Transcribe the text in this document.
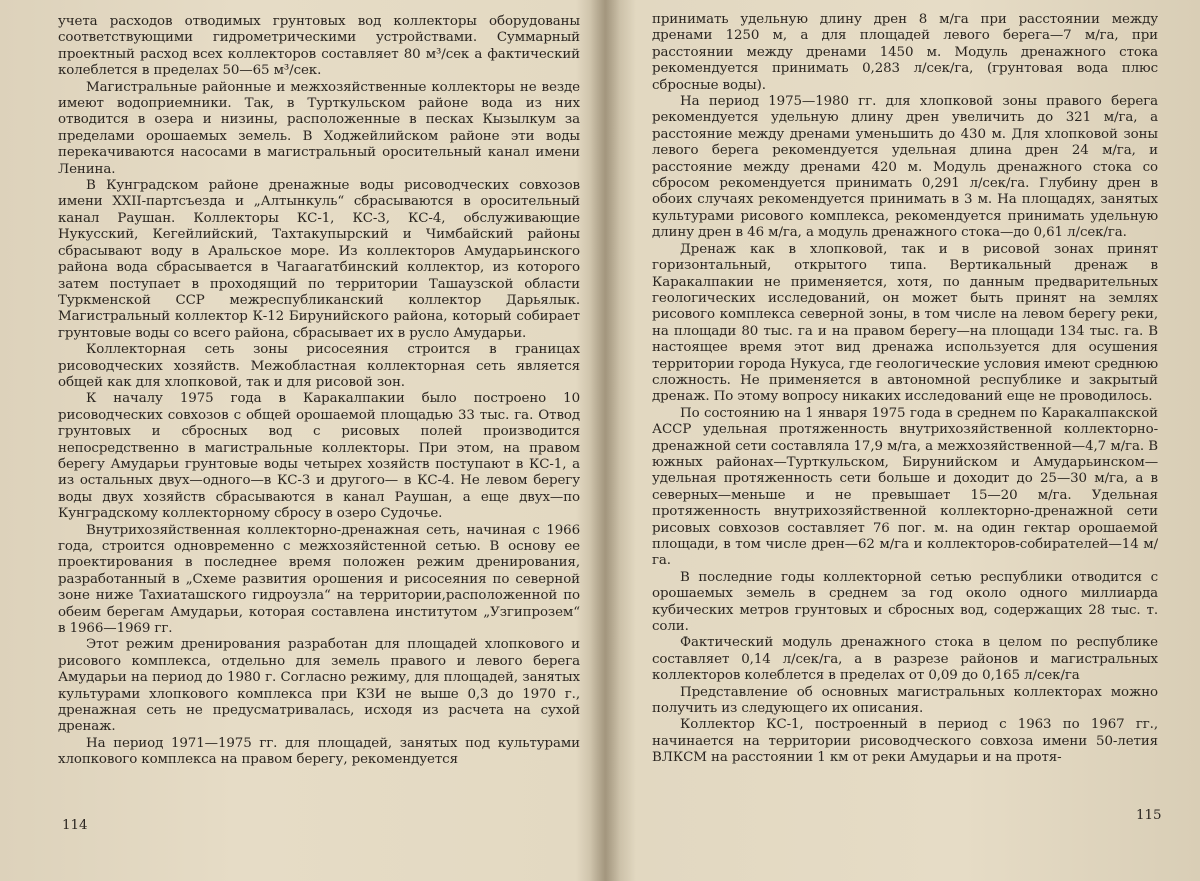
учета расходов отводимых грунтовых вод коллекторы оборудованы соответствующими гидрометрическими устройствами. Суммарный проектный расход всех коллекторов составляет 80 м³/сек а фактический колеблется в пределах 50—65 м³/сек.

Магистральные районные и межхозяйственные коллекторы не везде имеют водоприемники. Так, в Турткульском районе вода из них отводится в озера и низины, расположенные в песках Кызылкум за пределами орошаемых земель. В Ходжейлийском районе эти воды перекачиваются насосами в магистральный оросительный канал имени Ленина.

В Кунградском районе дренажные воды рисоводческих совхозов имени XXII-партсъезда и „Алтынкуль“ сбрасываются в оросительный канал Раушан. Коллекторы КС-1, КС-3, КС-4, обслуживающие Нукусский, Кегейлийский, Тахтакупырский и Чимбайский районы сбрасывают воду в Аральское море. Из коллекторов Амударьинского района вода сбрасывается в Чагаагатбинский коллектор, из которого затем поступает в проходящий по территории Ташаузской области Туркменской ССР межреспубликанский коллектор Дарьялык. Магистральный коллектор К-12 Бирунийского района, который собирает грунтовые воды со всего района, сбрасывает их в русло Амударьи.

Коллекторная сеть зоны рисосеяния строится в границах рисоводческих хозяйств. Межобластная коллекторная сеть является общей как для хлопковой, так и для рисовой зон.

К началу 1975 года в Каракалпакии было построено 10 рисоводческих совхозов с общей орошаемой площадью 33 тыс. га. Отвод грунтовых и сбросных вод с рисовых полей производится непосредственно в магистральные коллекторы. При этом, на правом берегу Амударьи грунтовые воды четырех хозяйств поступают в КС-1, а из остальных двух—одного—в КС-3 и другого— в КС-4. Не левом берегу воды двух хозяйств сбрасываются в канал Раушан, а еще двух—по Кунградскому коллекторному сбросу в озеро Судочье.

Внутрихозяйственная коллекторно-дренажная сеть, начиная с 1966 года, строится одновременно с межхозяйстенной сетью. В основу ее проектирования в последнее время положен режим дренирования, разработанный в „Схеме развития орошения и рисосеяния по северной зоне ниже Тахиаташского гидроузла“ на территории,расположенной по обеим берегам Амударьи, которая составлена институтом „Узгипрозем“ в 1966—1969 гг.

Этот режим дренирования разработан для площадей хлопкового и рисового комплекса, отдельно для земель правого и левого берега Амударьи на период до 1980 г. Согласно режиму, для площадей, занятых культурами хлопкового комплекса при КЗИ не выше 0,3 до 1970 г., дренажная сеть не предусматривалась, исходя из расчета на сухой дренаж.

На период 1971—1975 гг. для площадей, занятых под культурами хлопкового комплекса на правом берегу, рекомендуется

114

принимать удельную длину дрен 8 м/га при расстоянии между дренами 1250 м, а для площадей левого берега—7 м/га, при расстоянии между дренами 1450 м. Модуль дренажного стока рекомендуется принимать 0,283 л/сек/га, (грунтовая вода плюс сбросные воды).

На период 1975—1980 гг. для хлопковой зоны правого берега рекомендуется удельную длину дрен увеличить до 321 м/га, а расстояние между дренами уменьшить до 430 м. Для хлопковой зоны левого берега рекомендуется удельная длина дрен 24 м/га, и расстояние между дренами 420 м. Модуль дренажного стока со сбросом рекомендуется принимать 0,291 л/сек/га. Глубину дрен в обоих случаях рекомендуется принимать в 3 м. На площадях, занятых культурами рисового комплекса, рекомендуется принимать удельную длину дрен в 46 м/га, а модуль дренажного стока—до 0,61 л/сек/га.

Дренаж как в хлопковой, так и в рисовой зонах принят горизонтальный, открытого типа. Вертикальный дренаж в Каракалпакии не применяется, хотя, по данным предварительных геологических исследований, он может быть принят на землях рисового комплекса северной зоны, в том числе на левом берегу реки, на площади 80 тыс. га и на правом берегу—на площади 134 тыс. га. В настоящее время этот вид дренажа используется для осушения территории города Нукуса, где геологические условия имеют среднюю сложность. Не применяется в автономной республике и закрытый дренаж. По этому вопросу никаких исследований еще не проводилось.

По состоянию на 1 января 1975 года в среднем по Каракалпакской АССР удельная протяженность внутрихозяйственной коллекторно-дренажной сети составляла 17,9 м/га, а межхозяйственной—4,7 м/га. В южных районах—Турткульском, Бирунийском и Амударьинском—удельная протяженность сети больше и доходит до 25—30 м/га, а в северных—меньше и не превышает 15—20 м/га. Удельная протяженность внутрихозяйственной коллекторно-дренажной сети рисовых совхозов составляет 76 пог. м. на один гектар орошаемой площади, в том числе дрен—62 м/га и коллекторов-собирателей—14 м/га.

В последние годы коллекторной сетью республики отводится с орошаемых земель в среднем за год около одного миллиарда кубических метров грунтовых и сбросных вод, содержащих 28 тыс. т. соли.

Фактический модуль дренажного стока в целом по республике составляет 0,14 л/сек/га, а в разрезе районов и магистральных коллекторов колеблется в пределах от 0,09 до 0,165 л/сек/га

Представление об основных магистральных коллекторах можно получить из следующего их описания.

Коллектор КС-1, построенный в период с 1963 по 1967 гг., начинается на территории рисоводческого совхоза имени 50-летия ВЛКСМ на расстоянии 1 км от реки Амударьи и на протя-

115
